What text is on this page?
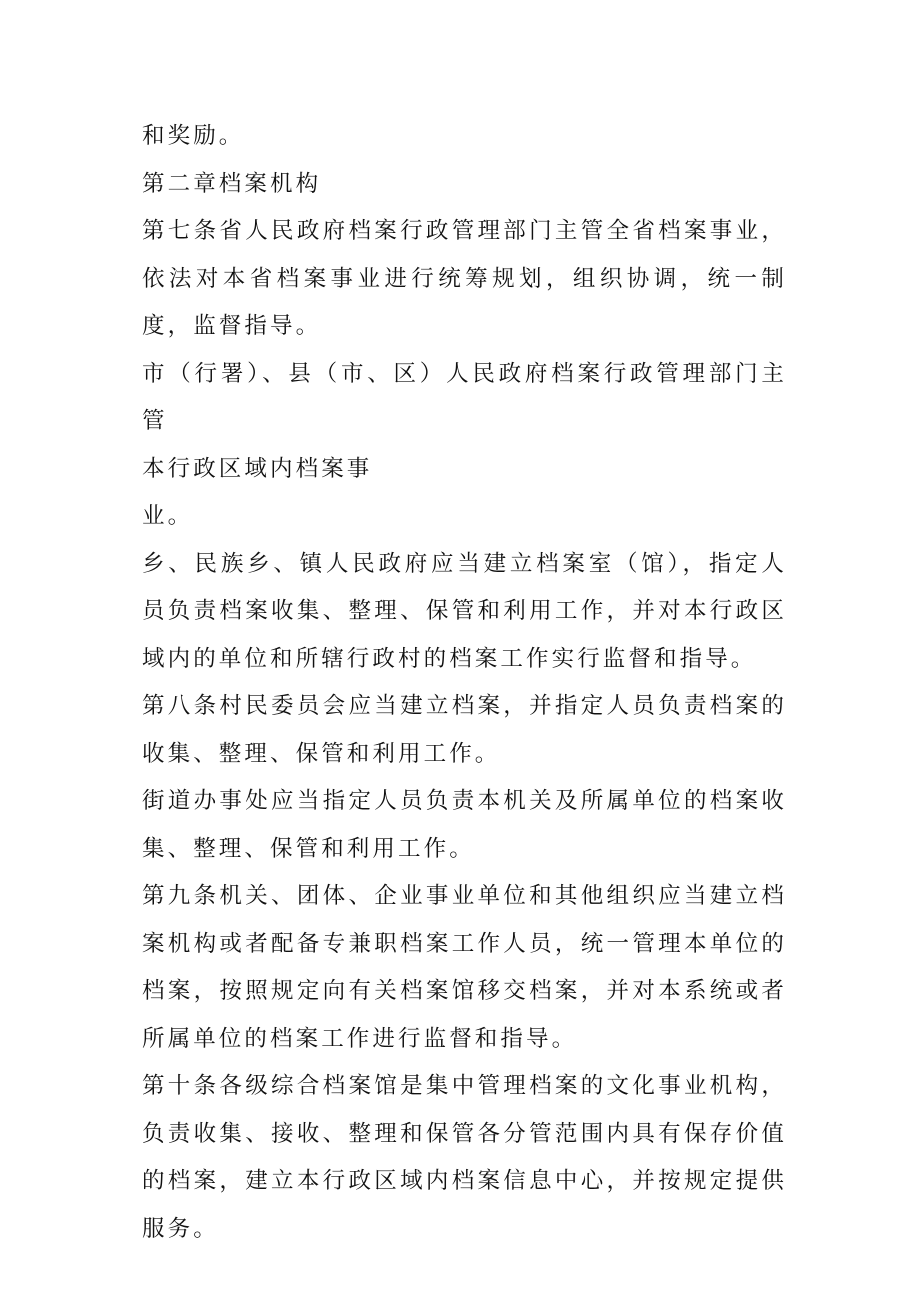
和奖励。

第二章档案机构

第七条省人民政府档案行政管理部门主管全省档案事业，依法对本省档案事业进行统筹规划，组织协调，统一制度，监督指导。

市（行署）、县（市、区）人民政府档案行政管理部门主管

本行政区域内档案事

业。

乡、民族乡、镇人民政府应当建立档案室（馆），指定人员负责档案收集、整理、保管和利用工作，并对本行政区域内的单位和所辖行政村的档案工作实行监督和指导。

第八条村民委员会应当建立档案，并指定人员负责档案的收集、整理、保管和利用工作。

街道办事处应当指定人员负责本机关及所属单位的档案收集、整理、保管和利用工作。

第九条机关、团体、企业事业单位和其他组织应当建立档案机构或者配备专兼职档案工作人员，统一管理本单位的档案，按照规定向有关档案馆移交档案，并对本系统或者所属单位的档案工作进行监督和指导。

第十条各级综合档案馆是集中管理档案的文化事业机构，负责收集、接收、整理和保管各分管范围内具有保存价值的档案，建立本行政区域内档案信息中心，并按规定提供服务。
